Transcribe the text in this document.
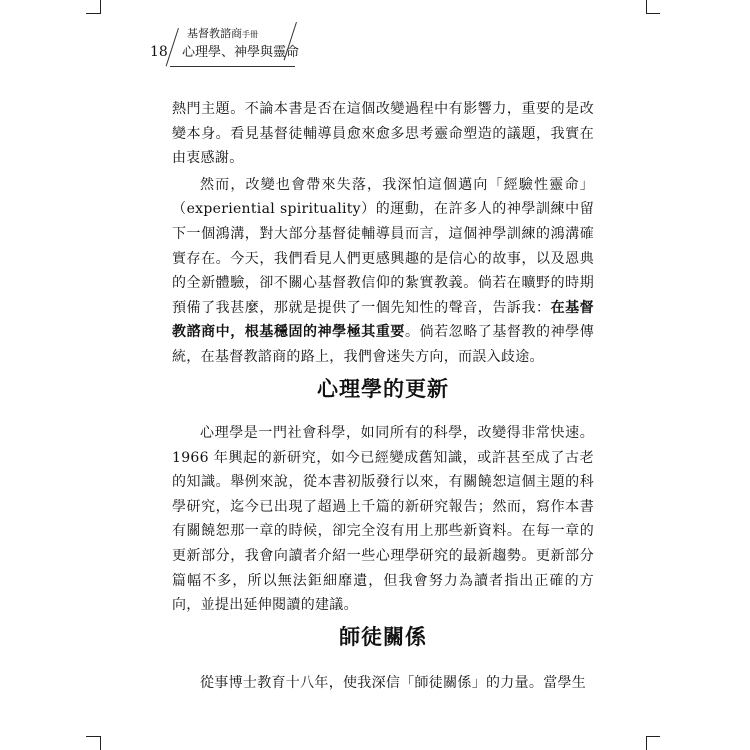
18
基督教諮商手冊
心理學、神學與靈命

熱門主題。不論本書是否在這個改變過程中有影響力，重要的是改變本身。看見基督徒輔導員愈來愈多思考靈命塑造的議題，我實在由衷感謝。

然而，改變也會帶來失落，我深怕這個邁向「經驗性靈命」（experiential spirituality）的運動，在許多人的神學訓練中留下一個鴻溝，對大部分基督徒輔導員而言，這個神學訓練的鴻溝確實存在。今天，我們看見人們更感興趣的是信心的故事，以及恩典的全新體驗，卻不關心基督教信仰的紮實教義。倘若在曠野的時期預備了我甚麼，那就是提供了一個先知性的聲音，告訴我：在基督教諮商中，根基穩固的神學極其重要。倘若忽略了基督教的神學傳統，在基督教諮商的路上，我們會迷失方向，而誤入歧途。

心理學的更新

心理學是一門社會科學，如同所有的科學，改變得非常快速。1966 年興起的新研究，如今已經變成舊知識，或許甚至成了古老的知識。舉例來說，從本書初版發行以來，有關饒恕這個主題的科學研究，迄今已出現了超過上千篇的新研究報告；然而，寫作本書有關饒恕那一章的時候，卻完全沒有用上那些新資料。在每一章的更新部分，我會向讀者介紹一些心理學研究的最新趨勢。更新部分篇幅不多，所以無法鉅細靡遺，但我會努力為讀者指出正確的方向，並提出延伸閱讀的建議。

師徒關係

從事博士教育十八年，使我深信「師徒關係」的力量。當學生
